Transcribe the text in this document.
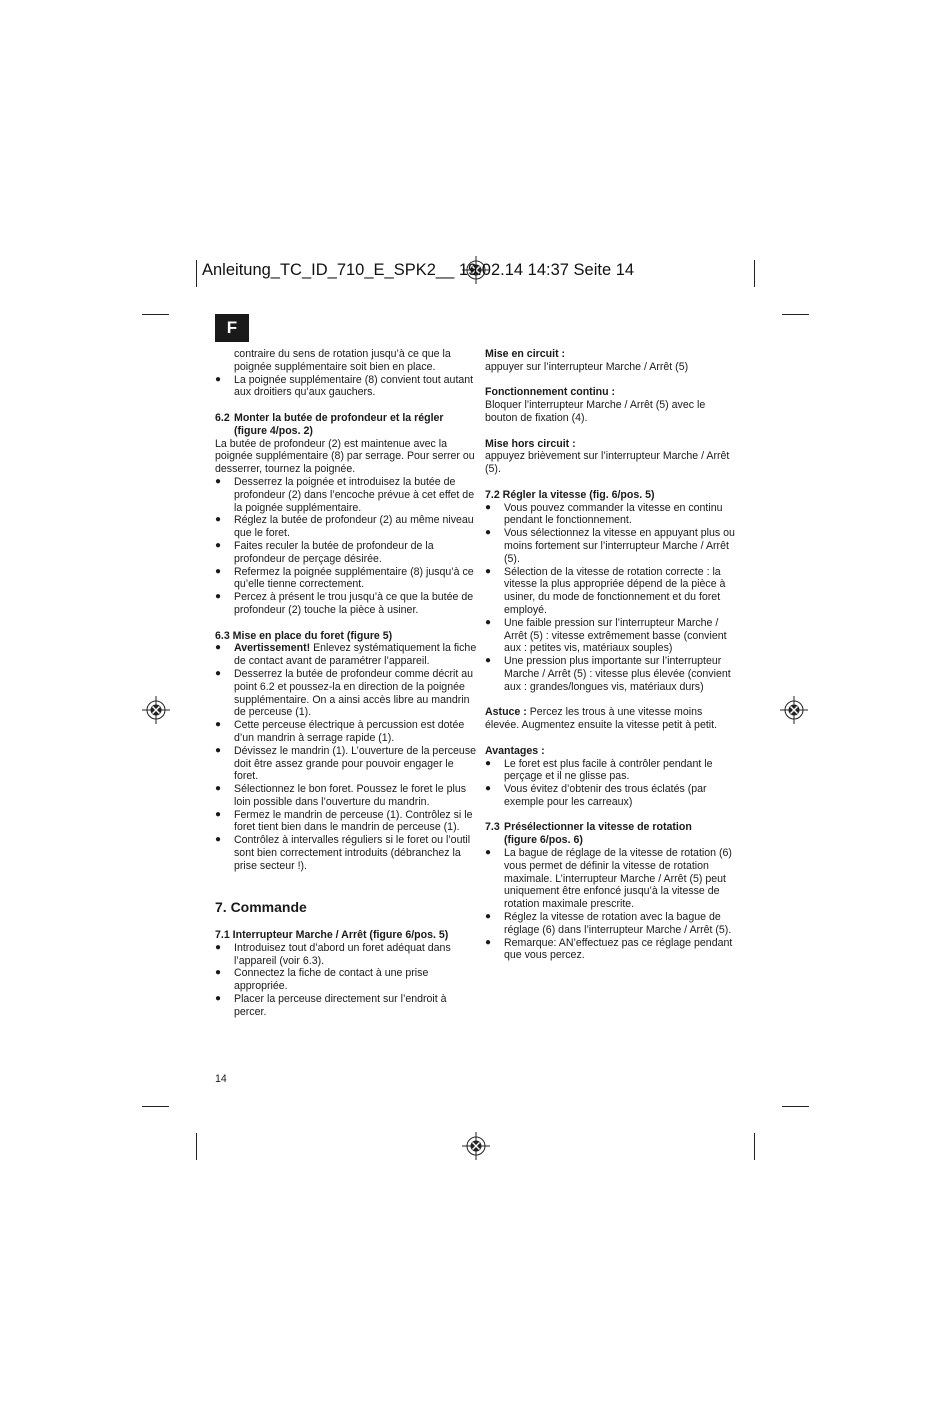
Anleitung_TC_ID_710_E_SPK2__ 19.02.14 14:37 Seite 14
F

contraire du sens de rotation jusqu’à ce que la

poignée supplémentaire soit bien en place.

● La poignée supplémentaire (8) convient tout autant aux droitiers qu’aux gauchers.

6.2 Monter la butée de profondeur et la régler

(figure 4/pos. 2)

La butée de profondeur (2) est maintenue avec la poignée supplémentaire (8) par serrage. Pour serrer ou desserrer, tournez la poignée.

● Desserrez la poignée et introduisez la butée de profondeur (2) dans l’encoche prévue à cet effet de la poignée supplémentaire.
● Réglez la butée de profondeur (2) au même niveau que le foret.
● Faites reculer la butée de profondeur de la profondeur de perçage désirée.
● Refermez la poignée supplémentaire (8) jusqu’à ce qu’elle tienne correctement.
● Percez à présent le trou jusqu’à ce que la butée de profondeur (2) touche la pièce à usiner.

6.3 Mise en place du foret (figure 5)

● Avertissement! Enlevez systématiquement la fiche de contact avant de paramétrer l’appareil.
● Desserrez la butée de profondeur comme décrit au point 6.2 et poussez-la en direction de la poignée supplémentaire. On a ainsi accès libre au mandrin de perceuse (1).
● Cette perceuse électrique à percussion est dotée d’un mandrin à serrage rapide (1).
● Dévissez le mandrin (1). L’ouverture de la perceuse doit être assez grande pour pouvoir engager le foret.
● Sélectionnez le bon foret. Poussez le foret le plus loin possible dans l’ouverture du mandrin.
● Fermez le mandrin de perceuse (1). Contrôlez si le foret tient bien dans le mandrin de perceuse (1).
● Contrôlez à intervalles réguliers si le foret ou l’outil sont bien correctement introduits (débranchez la prise secteur !).

7. Commande

7.1 Interrupteur Marche / Arrêt (figure 6/pos. 5)

● Introduisez tout d’abord un foret adéquat dans l’appareil (voir 6.3).
● Connectez la fiche de contact à une prise appropriée.
● Placer la perceuse directement sur l’endroit à percer.

Mise en circuit :

appuyer sur l’interrupteur Marche / Arrêt (5)

Fonctionnement continu :

Bloquer l’interrupteur Marche / Arrêt (5) avec le bouton de fixation (4).

Mise hors circuit :

appuyez brièvement sur l’interrupteur Marche / Arrêt (5).

7.2 Régler la vitesse (fig. 6/pos. 5)

● Vous pouvez commander la vitesse en continu pendant le fonctionnement.
● Vous sélectionnez la vitesse en appuyant plus ou moins fortement sur l’interrupteur Marche / Arrêt (5).
● Sélection de la vitesse de rotation correcte : la vitesse la plus appropriée dépend de la pièce à usiner, du mode de fonctionnement et du foret employé.
● Une faible pression sur l’interrupteur Marche / Arrêt (5) : vitesse extrêmement basse (convient aux : petites vis, matériaux souples)
● Une pression plus importante sur l’interrupteur Marche / Arrêt (5) : vitesse plus élevée (convient aux : grandes/longues vis, matériaux durs)

Astuce : Percez les trous à une vitesse moins élevée. Augmentez ensuite la vitesse petit à petit.

Avantages :

● Le foret est plus facile à contrôler pendant le perçage et il ne glisse pas.
● Vous évitez d’obtenir des trous éclatés (par exemple pour les carreaux)

7.3 Présélectionner la vitesse de rotation

(figure 6/pos. 6)

● La bague de réglage de la vitesse de rotation (6) vous permet de définir la vitesse de rotation maximale. L’interrupteur Marche / Arrêt (5) peut uniquement être enfoncé jusqu’à la vitesse de rotation maximale prescrite.
● Réglez la vitesse de rotation avec la bague de réglage (6) dans l’interrupteur Marche / Arrêt (5).
● Remarque: AN’effectuez pas ce réglage pendant que vous percez.
14
